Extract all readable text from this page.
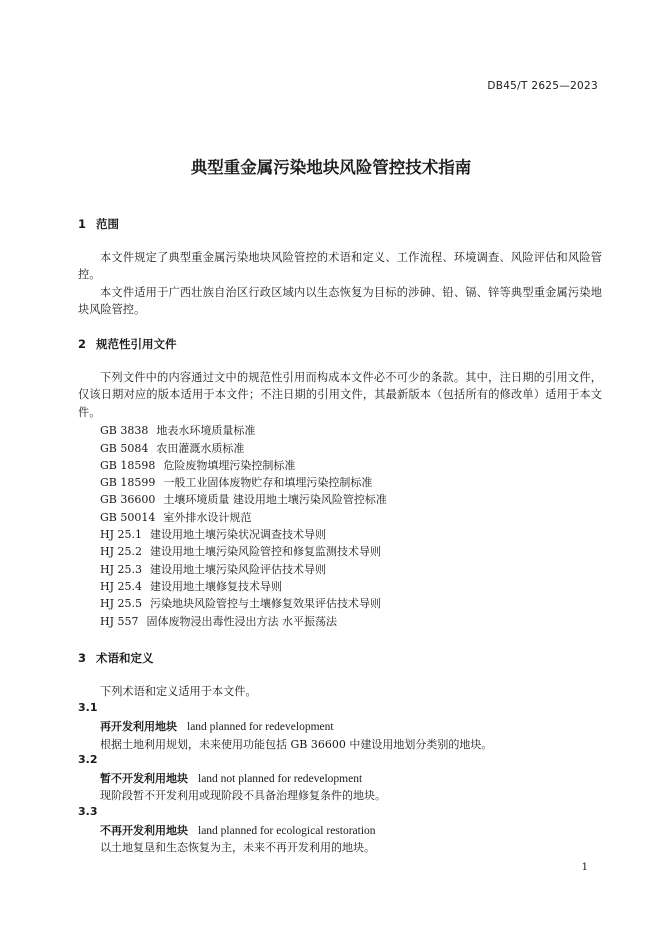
DB45/T 2625—2023
典型重金属污染地块风险管控技术指南
1 范围
本文件规定了典型重金属污染地块风险管控的术语和定义、工作流程、环境调查、风险评估和风险管控。
本文件适用于广西壮族自治区行政区域内以生态恢复为目标的涉砷、铅、镉、锌等典型重金属污染地块风险管控。
2 规范性引用文件
下列文件中的内容通过文中的规范性引用而构成本文件必不可少的条款。其中，注日期的引用文件，仅该日期对应的版本适用于本文件；不注日期的引用文件，其最新版本（包括所有的修改单）适用于本文件。
GB 3838 地表水环境质量标准
GB 5084 农田灌溉水质标准
GB 18598 危险废物填埋污染控制标准
GB 18599 一般工业固体废物贮存和填埋污染控制标准
GB 36600 土壤环境质量 建设用地土壤污染风险管控标准
GB 50014 室外排水设计规范
HJ 25.1 建设用地土壤污染状况调查技术导则
HJ 25.2 建设用地土壤污染风险管控和修复监测技术导则
HJ 25.3 建设用地土壤污染风险评估技术导则
HJ 25.4 建设用地土壤修复技术导则
HJ 25.5 污染地块风险管控与土壤修复效果评估技术导则
HJ 557 固体废物浸出毒性浸出方法 水平振荡法
3 术语和定义
下列术语和定义适用于本文件。
3.1
再开发利用地块 land planned for redevelopment
根据土地利用规划，未来使用功能包括 GB 36600 中建设用地划分类别的地块。
3.2
暂不开发利用地块 land not planned for redevelopment
现阶段暂不开发利用或现阶段不具备治理修复条件的地块。
3.3
不再开发利用地块 land planned for ecological restoration
以土地复垦和生态恢复为主，未来不再开发利用的地块。
1
